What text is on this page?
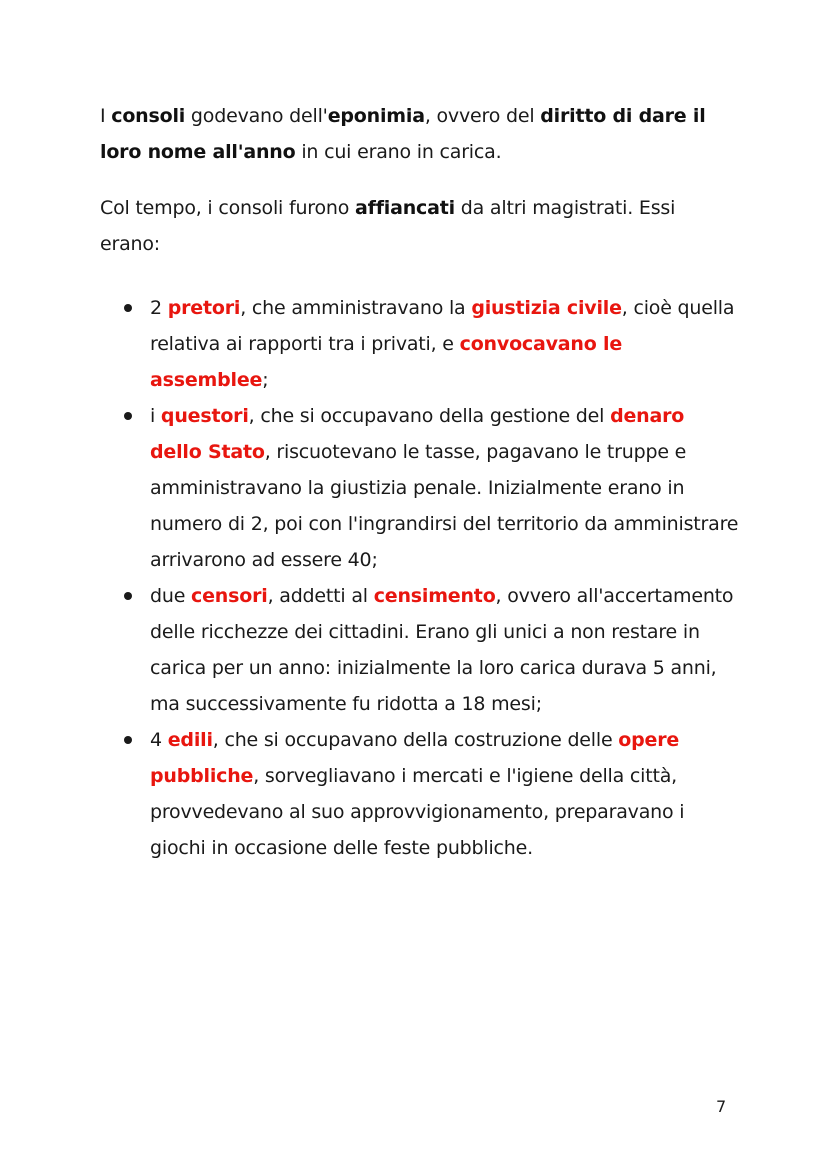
I consoli godevano dell'eponimia, ovvero del diritto di dare il loro nome all'anno in cui erano in carica.

Col tempo, i consoli furono affiancati da altri magistrati. Essi erano:

2 pretori, che amministravano la giustizia civile, cioè quella relativa ai rapporti tra i privati, e convocavano le assemblee;
i questori, che si occupavano della gestione del denaro dello Stato, riscuotevano le tasse, pagavano le truppe e amministravano la giustizia penale. Inizialmente erano in numero di 2, poi con l'ingrandirsi del territorio da amministrare arrivarono ad essere 40;
due censori, addetti al censimento, ovvero all'accertamento delle ricchezze dei cittadini. Erano gli unici a non restare in carica per un anno: inizialmente la loro carica durava 5 anni, ma successivamente fu ridotta a 18 mesi;
4 edili, che si occupavano della costruzione delle opere pubbliche, sorvegliavano i mercati e l'igiene della città, provvedevano al suo approvvigionamento, preparavano i giochi in occasione delle feste pubbliche.
7
